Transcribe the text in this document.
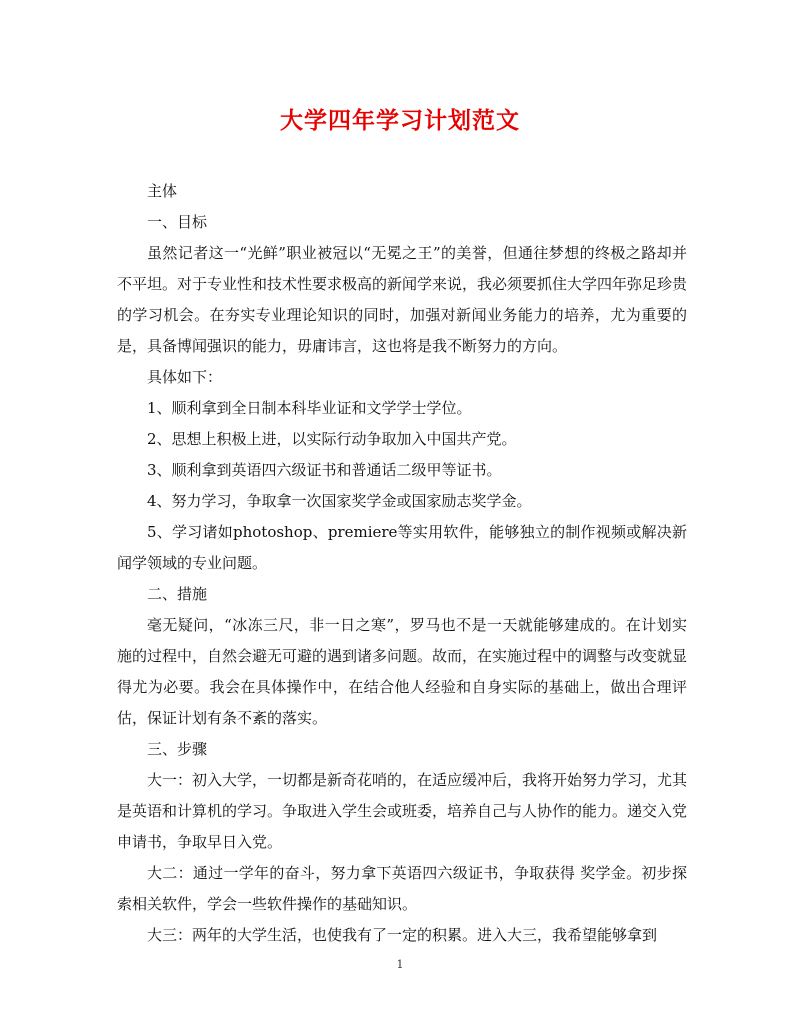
大学四年学习计划范文

主体

一、目标

虽然记者这一“光鲜”职业被冠以“无冕之王”的美誉，但通往梦想的终极之路却并不平坦。对于专业性和技术性要求极高的新闻学来说，我必须要抓住大学四年弥足珍贵的学习机会。在夯实专业理论知识的同时，加强对新闻业务能力的培养，尤为重要的是，具备博闻强识的能力，毋庸讳言，这也将是我不断努力的方向。

具体如下：

1、顺利拿到全日制本科毕业证和文学学士学位。

2、思想上积极上进，以实际行动争取加入中国共产党。

3、顺利拿到英语四六级证书和普通话二级甲等证书。

4、努力学习，争取拿一次国家奖学金或国家励志奖学金。

5、学习诸如photoshop、premiere等实用软件，能够独立的制作视频或解决新闻学领域的专业问题。

二、措施

毫无疑问，“冰冻三尺，非一日之寒”，罗马也不是一天就能够建成的。在计划实施的过程中，自然会避无可避的遇到诸多问题。故而，在实施过程中的调整与改变就显得尤为必要。我会在具体操作中，在结合他人经验和自身实际的基础上，做出合理评估，保证计划有条不紊的落实。

三、步骤

大一：初入大学，一切都是新奇花哨的，在适应缓冲后，我将开始努力学习，尤其是英语和计算机的学习。争取进入学生会或班委，培养自己与人协作的能力。递交入党申请书，争取早日入党。

大二：通过一学年的奋斗，努力拿下英语四六级证书，争取获得 奖学金。初步探索相关软件，学会一些软件操作的基础知识。

大三：两年的大学生活，也使我有了一定的积累。进入大三，我希望能够拿到

1
